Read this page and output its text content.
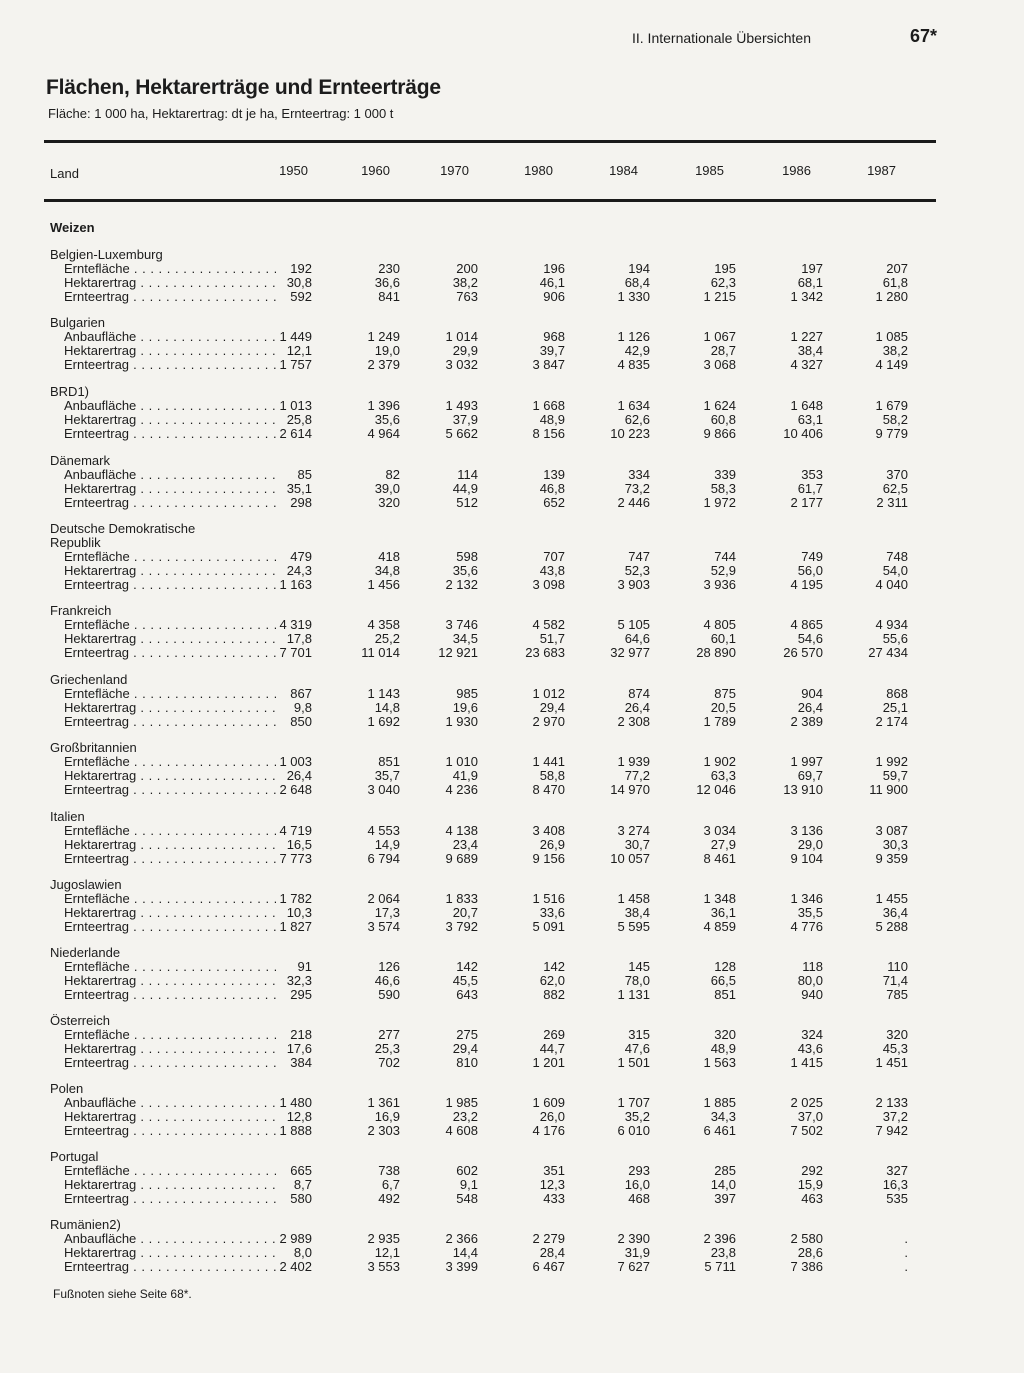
II. Internationale Übersichten	67*
Flächen, Hektarerträge und Ernteerträge
Fläche: 1 000 ha, Hektarertrag: dt je ha, Ernteertrag: 1 000 t
Land	1950	1960	1970	1980	1984	1985	1986	1987
Weizen
Belgien-Luxemburg
Erntefläche . . .	192	230	200	196	194	195	197	207
Hektarertrag . . .	30,8	36,6	38,2	46,1	68,4	62,3	68,1	61,8
Ernteertrag . . .	592	841	763	906	1 330	1 215	1 342	1 280
Bulgarien
Anbaufläche . . .	1 449	1 249	1 014	968	1 126	1 067	1 227	1 085
Hektarertrag . . .	12,1	19,0	29,9	39,7	42,9	28,7	38,4	38,2
Ernteertrag . . .	1 757	2 379	3 032	3 847	4 835	3 068	4 327	4 149
BRD1)
Anbaufläche . . .	1 013	1 396	1 493	1 668	1 634	1 624	1 648	1 679
Hektarertrag . . .	25,8	35,6	37,9	48,9	62,6	60,8	63,1	58,2
Ernteertrag . . .	2 614	4 964	5 662	8 156	10 223	9 866	10 406	9 779
Dänemark
Anbaufläche . . .	85	82	114	139	334	339	353	370
Hektarertrag . . .	35,1	39,0	44,9	46,8	73,2	58,3	61,7	62,5
Ernteertrag . . .	298	320	512	652	2 446	1 972	2 177	2 311
Deutsche Demokratische
Republik
Erntefläche . . .	479	418	598	707	747	744	749	748
Hektarertrag . . .	24,3	34,8	35,6	43,8	52,3	52,9	56,0	54,0
Ernteertrag . . .	1 163	1 456	2 132	3 098	3 903	3 936	4 195	4 040
Frankreich
Erntefläche . . .	4 319	4 358	3 746	4 582	5 105	4 805	4 865	4 934
Hektarertrag . . .	17,8	25,2	34,5	51,7	64,6	60,1	54,6	55,6
Ernteertrag . . .	7 701	11 014	12 921	23 683	32 977	28 890	26 570	27 434
Griechenland
Erntefläche . . .	867	1 143	985	1 012	874	875	904	868
Hektarertrag . . .	9,8	14,8	19,6	29,4	26,4	20,5	26,4	25,1
Ernteertrag . . .	850	1 692	1 930	2 970	2 308	1 789	2 389	2 174
Großbritannien
Erntefläche . . .	1 003	851	1 010	1 441	1 939	1 902	1 997	1 992
Hektarertrag . . .	26,4	35,7	41,9	58,8	77,2	63,3	69,7	59,7
Ernteertrag . . .	2 648	3 040	4 236	8 470	14 970	12 046	13 910	11 900
Italien
Erntefläche . . .	4 719	4 553	4 138	3 408	3 274	3 034	3 136	3 087
Hektarertrag . . .	16,5	14,9	23,4	26,9	30,7	27,9	29,0	30,3
Ernteertrag . . .	7 773	6 794	9 689	9 156	10 057	8 461	9 104	9 359
Jugoslawien
Erntefläche . . .	1 782	2 064	1 833	1 516	1 458	1 348	1 346	1 455
Hektarertrag . . .	10,3	17,3	20,7	33,6	38,4	36,1	35,5	36,4
Ernteertrag . . .	1 827	3 574	3 792	5 091	5 595	4 859	4 776	5 288
Niederlande
Erntefläche . . .	91	126	142	142	145	128	118	110
Hektarertrag . . .	32,3	46,6	45,5	62,0	78,0	66,5	80,0	71,4
Ernteertrag . . .	295	590	643	882	1 131	851	940	785
Österreich
Erntefläche . . .	218	277	275	269	315	320	324	320
Hektarertrag . . .	17,6	25,3	29,4	44,7	47,6	48,9	43,6	45,3
Ernteertrag . . .	384	702	810	1 201	1 501	1 563	1 415	1 451
Polen
Anbaufläche . . .	1 480	1 361	1 985	1 609	1 707	1 885	2 025	2 133
Hektarertrag . . .	12,8	16,9	23,2	26,0	35,2	34,3	37,0	37,2
Ernteertrag . . .	1 888	2 303	4 608	4 176	6 010	6 461	7 502	7 942
Portugal
Erntefläche . . .	665	738	602	351	293	285	292	327
Hektarertrag . . .	8,7	6,7	9,1	12,3	16,0	14,0	15,9	16,3
Ernteertrag . . .	580	492	548	433	468	397	463	535
Rumänien2)
Anbaufläche . . .	2 989	2 935	2 366	2 279	2 390	2 396	2 580	.
Hektarertrag . . .	8,0	12,1	14,4	28,4	31,9	23,8	28,6	.
Ernteertrag . . .	2 402	3 553	3 399	6 467	7 627	5 711	7 386	.
Fußnoten siehe Seite 68*.
